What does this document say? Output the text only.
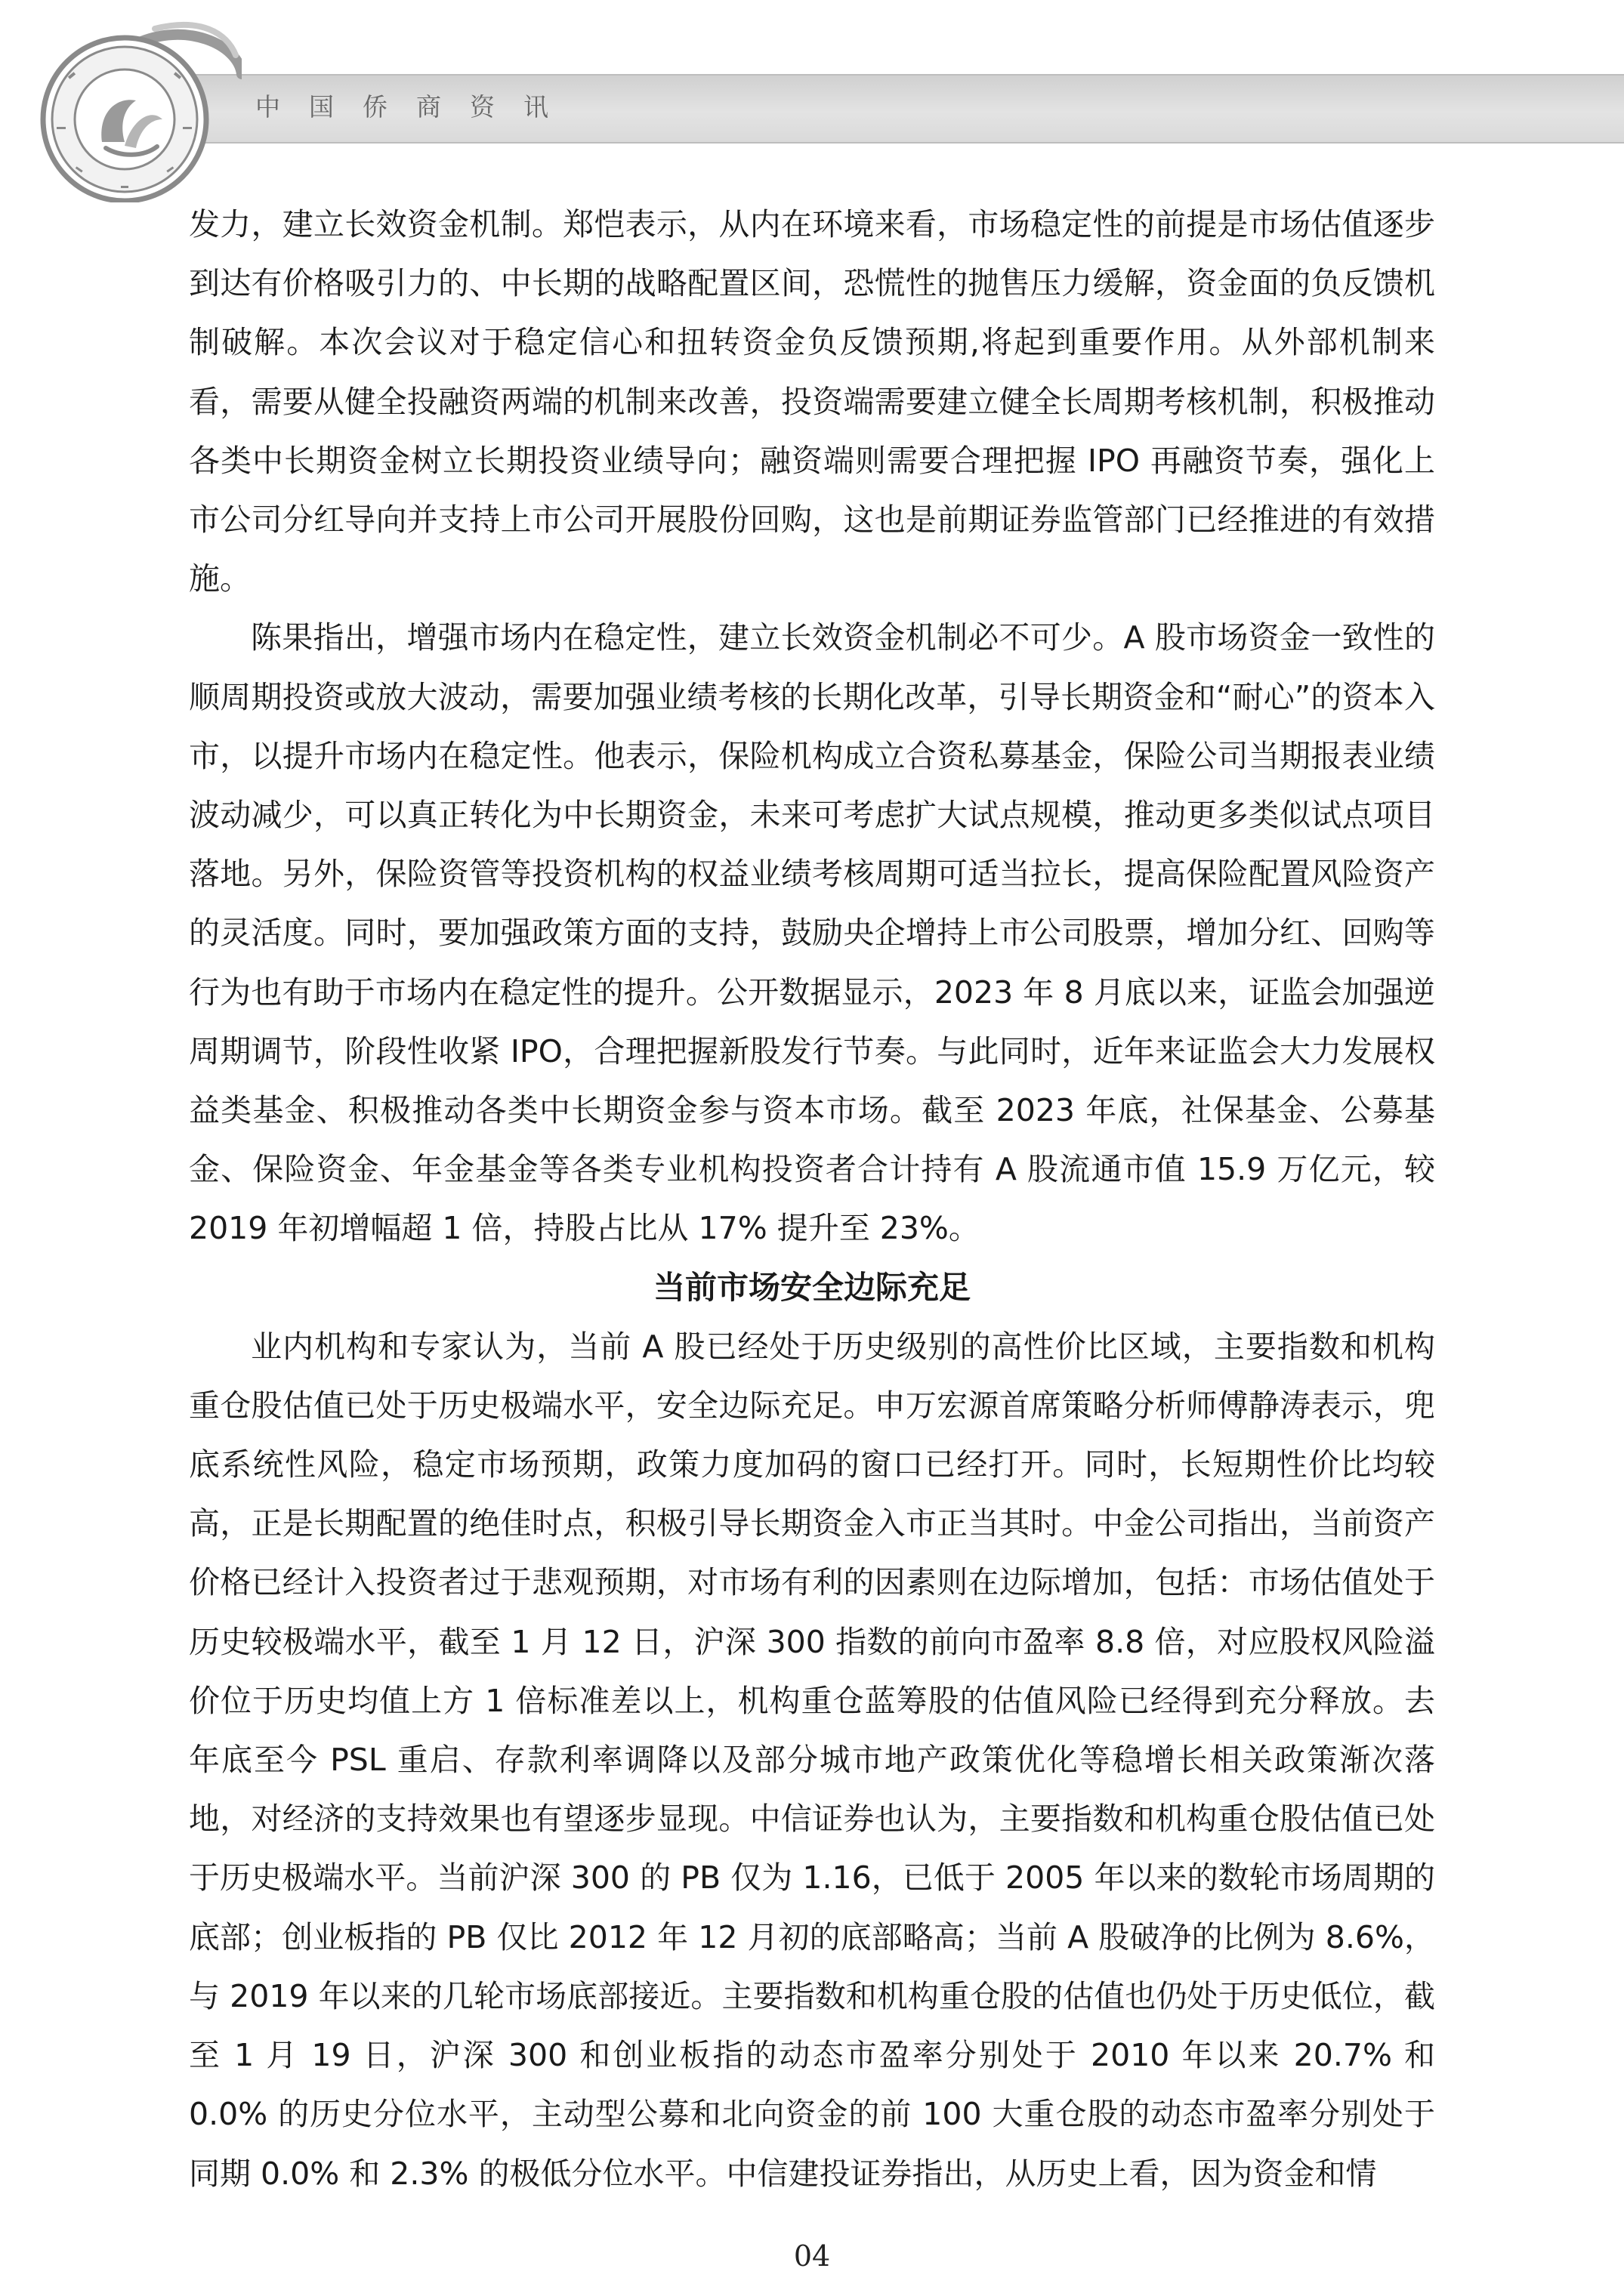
中国侨商资讯

发力，建立长效资金机制。郑恺表示，从内在环境来看，市场稳定性的前提是市场估值逐步到达有价格吸引力的、中长期的战略配置区间，恐慌性的抛售压力缓解，资金面的负反馈机制破解。本次会议对于稳定信心和扭转资金负反馈预期,将起到重要作用。从外部机制来看，需要从健全投融资两端的机制来改善，投资端需要建立健全长周期考核机制，积极推动各类中长期资金树立长期投资业绩导向；融资端则需要合理把握 IPO 再融资节奏，强化上市公司分红导向并支持上市公司开展股份回购，这也是前期证券监管部门已经推进的有效措施。

陈果指出，增强市场内在稳定性，建立长效资金机制必不可少。A 股市场资金一致性的顺周期投资或放大波动，需要加强业绩考核的长期化改革，引导长期资金和“耐心”的资本入市，以提升市场内在稳定性。他表示，保险机构成立合资私募基金，保险公司当期报表业绩波动减少，可以真正转化为中长期资金，未来可考虑扩大试点规模，推动更多类似试点项目落地。另外，保险资管等投资机构的权益业绩考核周期可适当拉长，提高保险配置风险资产的灵活度。同时，要加强政策方面的支持，鼓励央企增持上市公司股票，增加分红、回购等行为也有助于市场内在稳定性的提升。公开数据显示，2023 年 8 月底以来，证监会加强逆周期调节，阶段性收紧 IPO，合理把握新股发行节奏。与此同时，近年来证监会大力发展权益类基金、积极推动各类中长期资金参与资本市场。截至 2023 年底，社保基金、公募基金、保险资金、年金基金等各类专业机构投资者合计持有 A 股流通市值 15.9 万亿元，较 2019 年初增幅超 1 倍，持股占比从 17% 提升至 23%。

当前市场安全边际充足

业内机构和专家认为，当前 A 股已经处于历史级别的高性价比区域，主要指数和机构重仓股估值已处于历史极端水平，安全边际充足。申万宏源首席策略分析师傅静涛表示，兜底系统性风险，稳定市场预期，政策力度加码的窗口已经打开。同时，长短期性价比均较高，正是长期配置的绝佳时点，积极引导长期资金入市正当其时。中金公司指出，当前资产价格已经计入投资者过于悲观预期，对市场有利的因素则在边际增加，包括：市场估值处于历史较极端水平，截至 1 月 12 日，沪深 300 指数的前向市盈率 8.8 倍，对应股权风险溢价位于历史均值上方 1 倍标准差以上，机构重仓蓝筹股的估值风险已经得到充分释放。去年底至今 PSL 重启、存款利率调降以及部分城市地产政策优化等稳增长相关政策渐次落地，对经济的支持效果也有望逐步显现。中信证券也认为，主要指数和机构重仓股估值已处于历史极端水平。当前沪深 300 的 PB 仅为 1.16，已低于 2005 年以来的数轮市场周期的底部；创业板指的 PB 仅比 2012 年 12 月初的底部略高；当前 A 股破净的比例为 8.6%，与 2019 年以来的几轮市场底部接近。主要指数和机构重仓股的估值也仍处于历史低位，截至 1 月 19 日，沪深 300 和创业板指的动态市盈率分别处于 2010 年以来 20.7% 和 0.0% 的历史分位水平，主动型公募和北向资金的前 100 大重仓股的动态市盈率分别处于同期 0.0% 和 2.3% 的极低分位水平。中信建投证券指出，从历史上看，因为资金和情

04
